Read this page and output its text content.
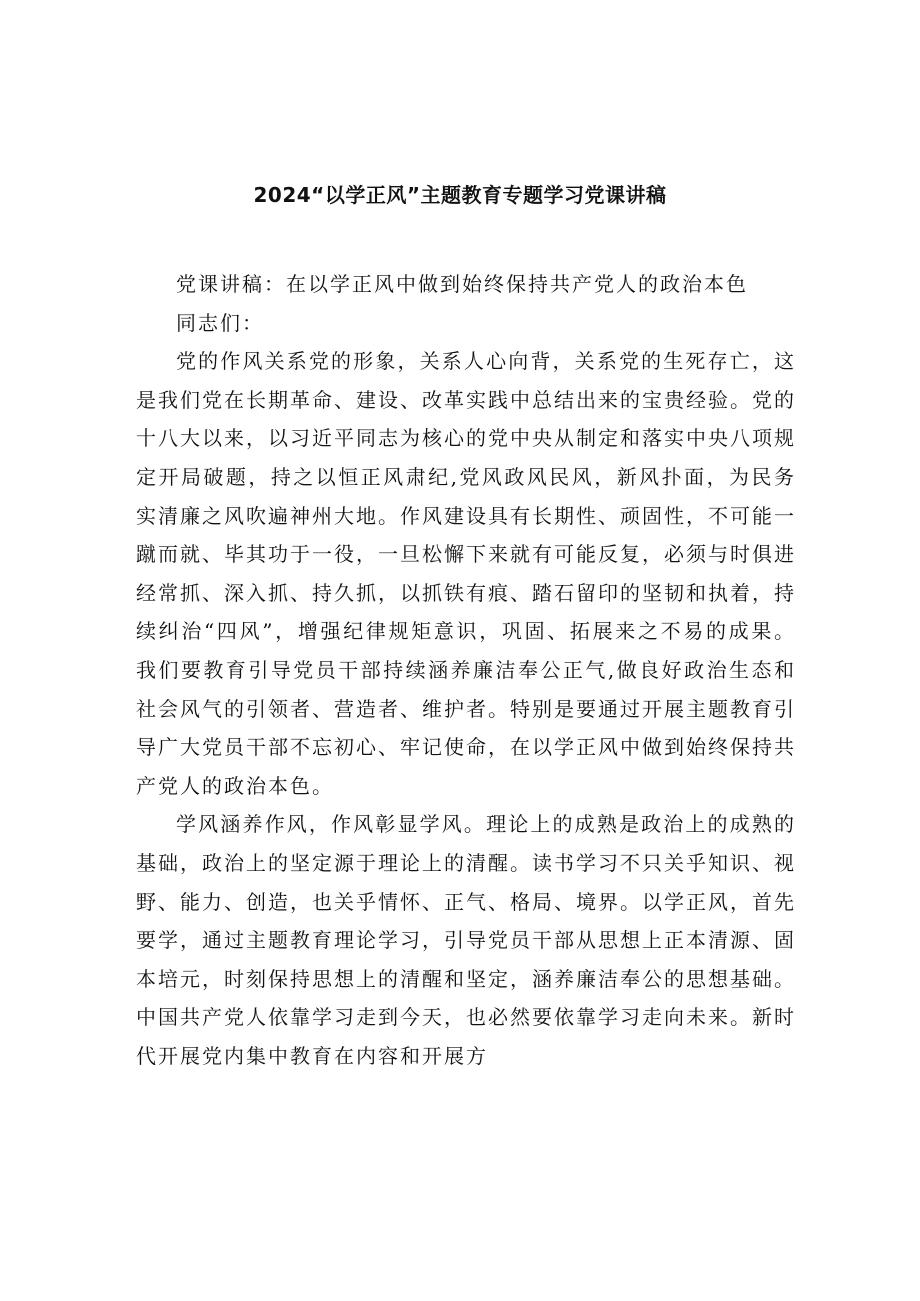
2024“以学正风”主题教育专题学习党课讲稿

党课讲稿：在以学正风中做到始终保持共产党人的政治本色

同志们：

党的作风关系党的形象，关系人心向背，关系党的生死存亡，这是我们党在长期革命、建设、改革实践中总结出来的宝贵经验。党的十八大以来，以习近平同志为核心的党中央从制定和落实中央八项规定开局破题，持之以恒正风肃纪,党风政风民风，新风扑面，为民务实清廉之风吹遍神州大地。作风建设具有长期性、顽固性，不可能一蹴而就、毕其功于一役，一旦松懈下来就有可能反复，必须与时俱进经常抓、深入抓、持久抓，以抓铁有痕、踏石留印的坚韧和执着，持续纠治“四风”，增强纪律规矩意识，巩固、拓展来之不易的成果。我们要教育引导党员干部持续涵养廉洁奉公正气,做良好政治生态和社会风气的引领者、营造者、维护者。特别是要通过开展主题教育引导广大党员干部不忘初心、牢记使命，在以学正风中做到始终保持共产党人的政治本色。

学风涵养作风，作风彰显学风。理论上的成熟是政治上的成熟的基础，政治上的坚定源于理论上的清醒。读书学习不只关乎知识、视野、能力、创造，也关乎情怀、正气、格局、境界。以学正风，首先要学，通过主题教育理论学习，引导党员干部从思想上正本清源、固本培元，时刻保持思想上的清醒和坚定，涵养廉洁奉公的思想基础。中国共产党人依靠学习走到今天，也必然要依靠学习走向未来。新时代开展党内集中教育在内容和开展方
